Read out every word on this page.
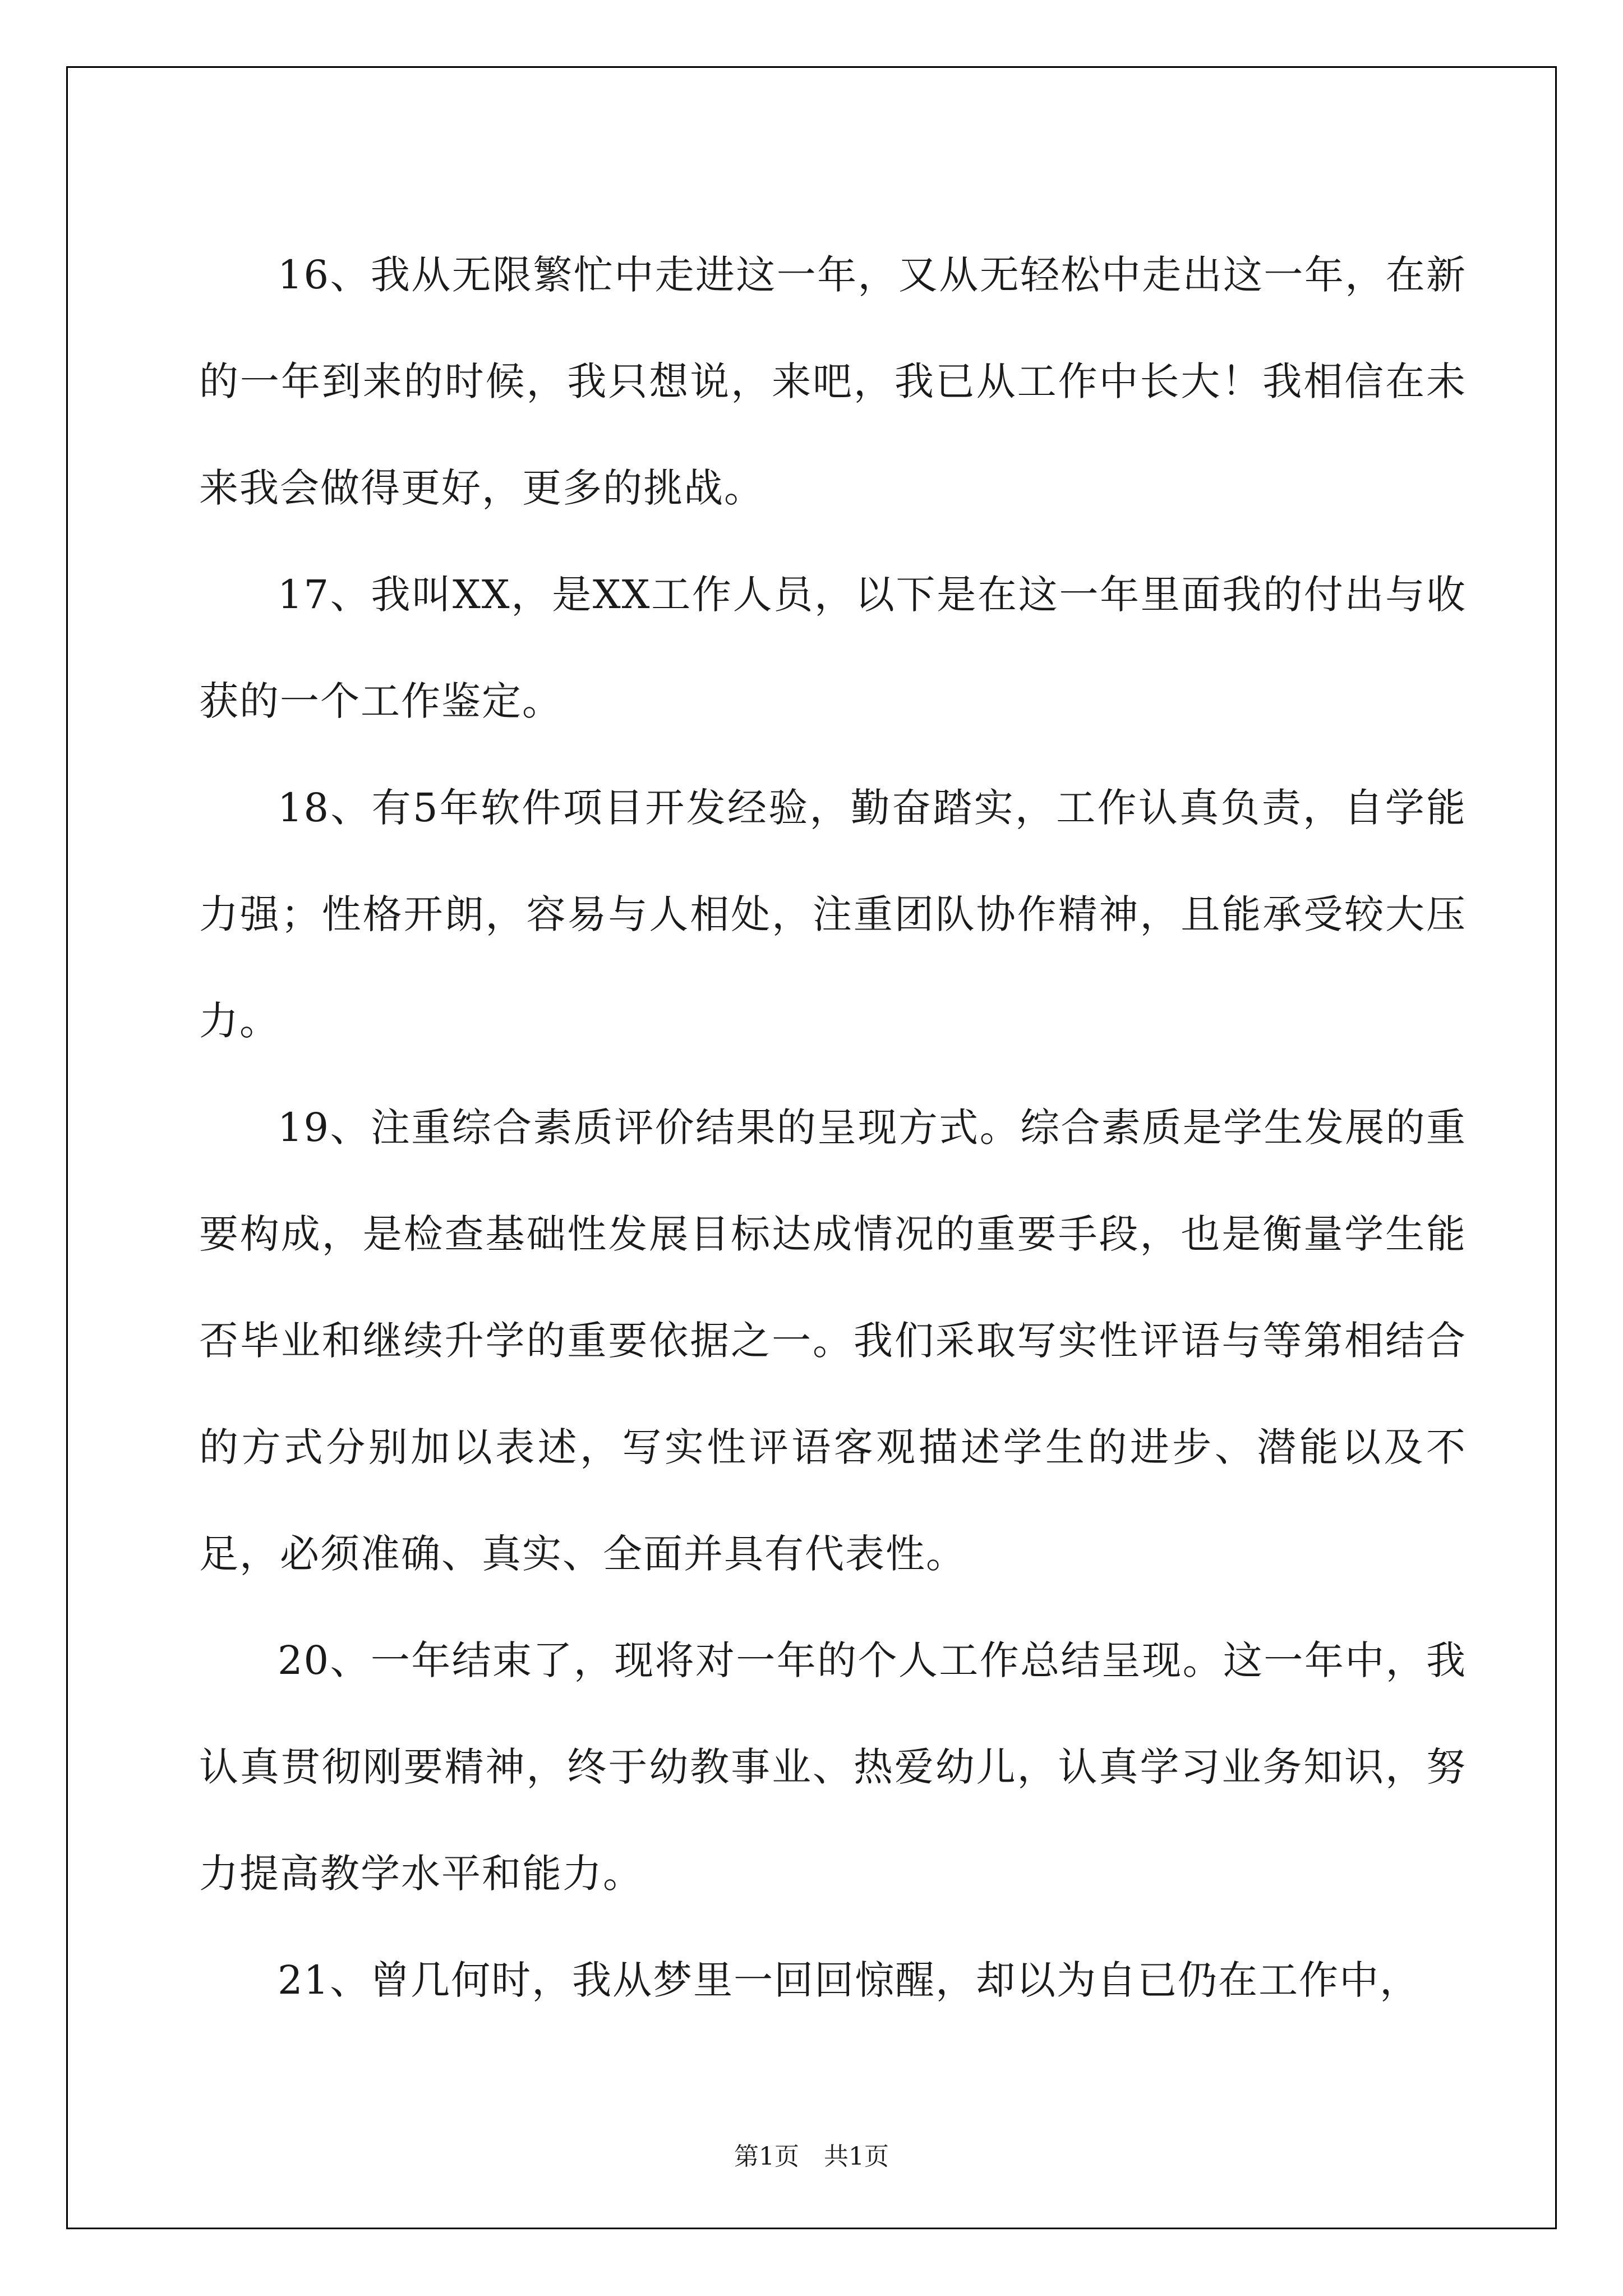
16、我从无限繁忙中走进这一年，又从无轻松中走出这一年，在新的一年到来的时候，我只想说，来吧，我已从工作中长大！我相信在未来我会做得更好，更多的挑战。

17、我叫XX，是XX工作人员，以下是在这一年里面我的付出与收获的一个工作鉴定。

18、有5年软件项目开发经验，勤奋踏实，工作认真负责，自学能力强；性格开朗，容易与人相处，注重团队协作精神，且能承受较大压力。

19、注重综合素质评价结果的呈现方式。综合素质是学生发展的重要构成，是检查基础性发展目标达成情况的重要手段，也是衡量学生能否毕业和继续升学的重要依据之一。我们采取写实性评语与等第相结合的方式分别加以表述，写实性评语客观描述学生的进步、潜能以及不足，必须准确、真实、全面并具有代表性。

20、一年结束了，现将对一年的个人工作总结呈现。这一年中，我认真贯彻刚要精神，终于幼教事业、热爱幼儿，认真学习业务知识，努力提高教学水平和能力。

21、曾几何时，我从梦里一回回惊醒，却以为自已仍在工作中，

第1页　共1页
